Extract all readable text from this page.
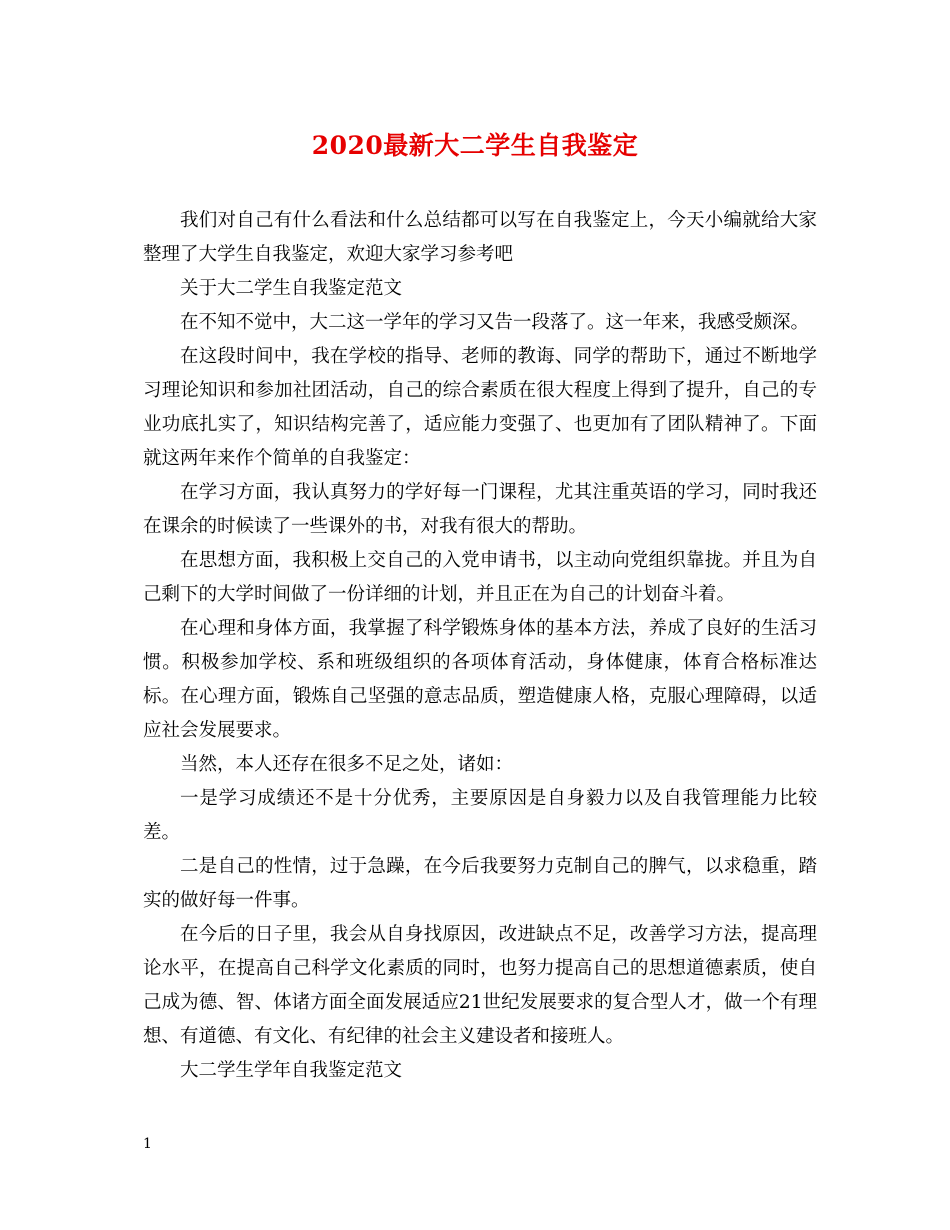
2020最新大二学生自我鉴定

我们对自己有什么看法和什么总结都可以写在自我鉴定上，今天小编就给大家整理了大学生自我鉴定，欢迎大家学习参考吧

关于大二学生自我鉴定范文

在不知不觉中，大二这一学年的学习又告一段落了。这一年来，我感受颇深。

在这段时间中，我在学校的指导、老师的教诲、同学的帮助下，通过不断地学习理论知识和参加社团活动，自己的综合素质在很大程度上得到了提升，自己的专业功底扎实了，知识结构完善了，适应能力变强了、也更加有了团队精神了。下面就这两年来作个简单的自我鉴定：

在学习方面，我认真努力的学好每一门课程，尤其注重英语的学习，同时我还在课余的时候读了一些课外的书，对我有很大的帮助。

在思想方面，我积极上交自己的入党申请书，以主动向党组织靠拢。并且为自己剩下的大学时间做了一份详细的计划，并且正在为自己的计划奋斗着。

在心理和身体方面，我掌握了科学锻炼身体的基本方法，养成了良好的生活习惯。积极参加学校、系和班级组织的各项体育活动，身体健康，体育合格标准达标。在心理方面，锻炼自己坚强的意志品质，塑造健康人格，克服心理障碍，以适应社会发展要求。

当然，本人还存在很多不足之处，诸如：

一是学习成绩还不是十分优秀，主要原因是自身毅力以及自我管理能力比较差。

二是自己的性情，过于急躁，在今后我要努力克制自己的脾气，以求稳重，踏实的做好每一件事。

在今后的日子里，我会从自身找原因，改进缺点不足，改善学习方法，提高理论水平，在提高自己科学文化素质的同时，也努力提高自己的思想道德素质，使自己成为德、智、体诸方面全面发展适应21世纪发展要求的复合型人才，做一个有理想、有道德、有文化、有纪律的社会主义建设者和接班人。

大二学生学年自我鉴定范文

1
